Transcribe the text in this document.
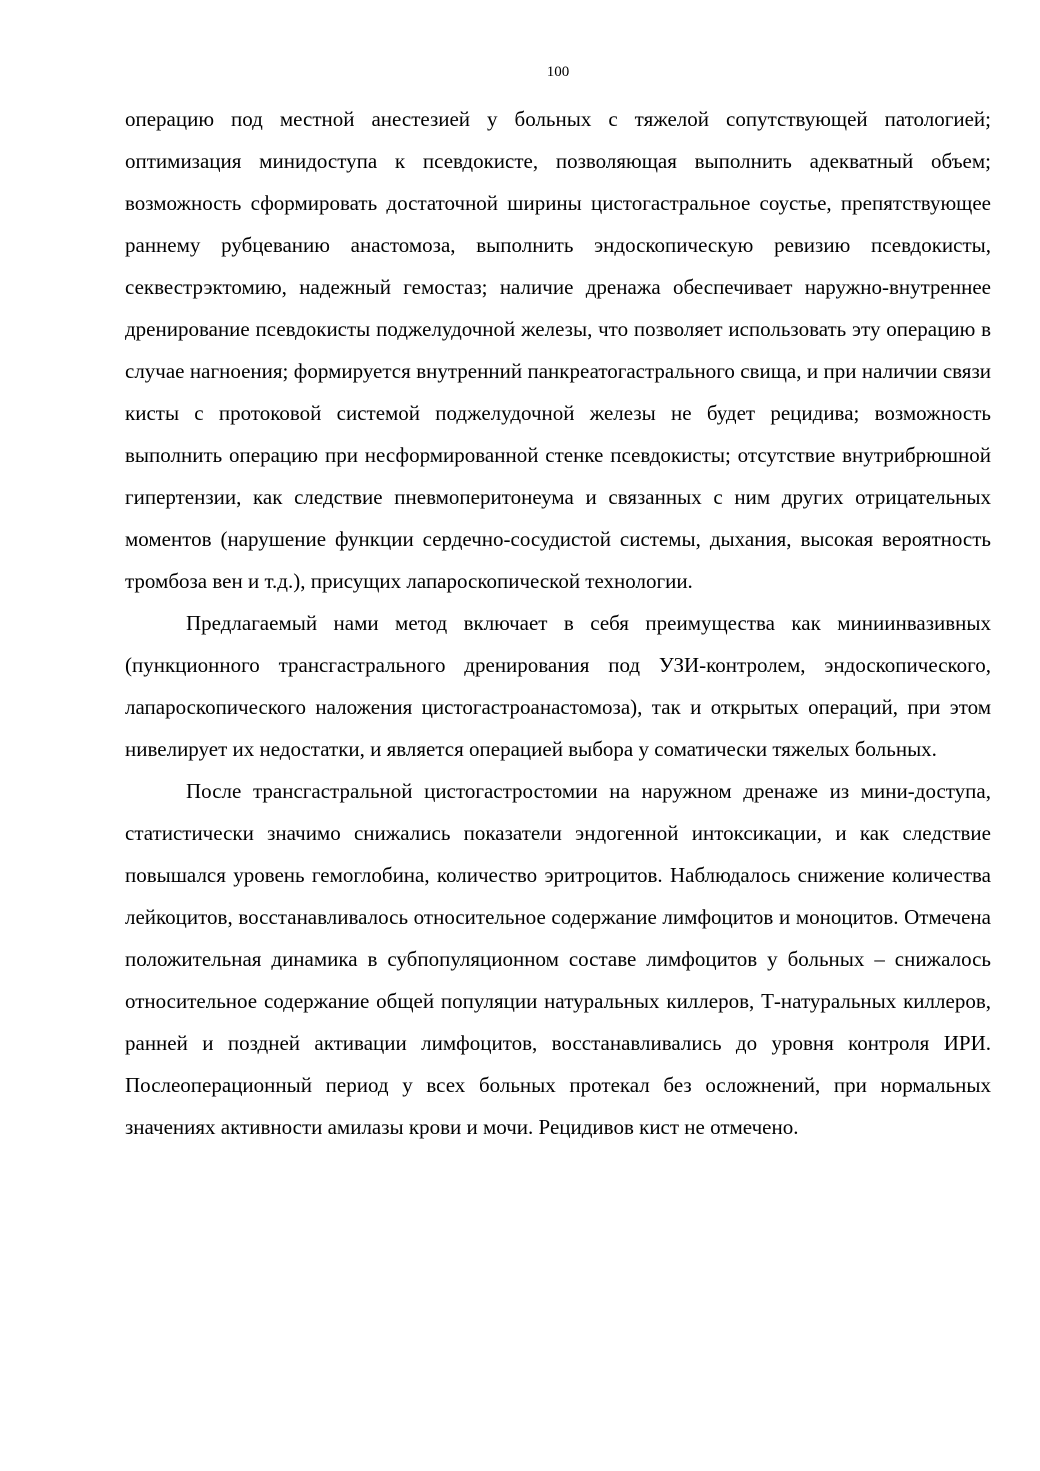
100

операцию под местной анестезией у больных с тяжелой сопутствующей патологией; оптимизация минидоступа к псевдокисте, позволяющая выполнить адекватный объем; возможность сформировать достаточной ширины цистогастральное соустье, препятствующее раннему рубцеванию анастомоза, выполнить эндоскопическую ревизию псевдокисты, секвестрэктомию, надежный гемостаз; наличие дренажа обеспечивает наружно-внутреннее дренирование псевдокисты поджелудочной железы, что позволяет использовать эту операцию в случае нагноения; формируется внутренний панкреатогастрального свища, и при наличии связи кисты с протоковой системой поджелудочной железы не будет рецидива; возможность выполнить операцию при несформированной стенке псевдокисты; отсутствие внутрибрюшной гипертензии, как следствие пневмоперитонеума и связанных с ним других отрицательных моментов (нарушение функции сердечно-сосудистой системы, дыхания, высокая вероятность тромбоза вен и т.д.), присущих лапароскопической технологии.

Предлагаемый нами метод включает в себя преимущества как миниинвазивных (пункционного трансгастрального дренирования под УЗИ-контролем, эндоскопического, лапароскопического наложения цистогастроанастомоза), так и открытых операций, при этом нивелирует их недостатки, и является операцией выбора у соматически тяжелых больных.

После трансгастральной цистогастростомии на наружном дренаже из мини-доступа, статистически значимо снижались показатели эндогенной интоксикации, и как следствие повышался уровень гемоглобина, количество эритроцитов. Наблюдалось снижение количества лейкоцитов, восстанавливалось относительное содержание лимфоцитов и моноцитов. Отмечена положительная динамика в субпопуляционном составе лимфоцитов у больных – снижалось относительное содержание общей популяции натуральных киллеров, Т-натуральных киллеров, ранней и поздней активации лимфоцитов, восстанавливались до уровня контроля ИРИ. Послеоперационный период у всех больных протекал без осложнений, при нормальных значениях активности амилазы крови и мочи. Рецидивов кист не отмечено.
